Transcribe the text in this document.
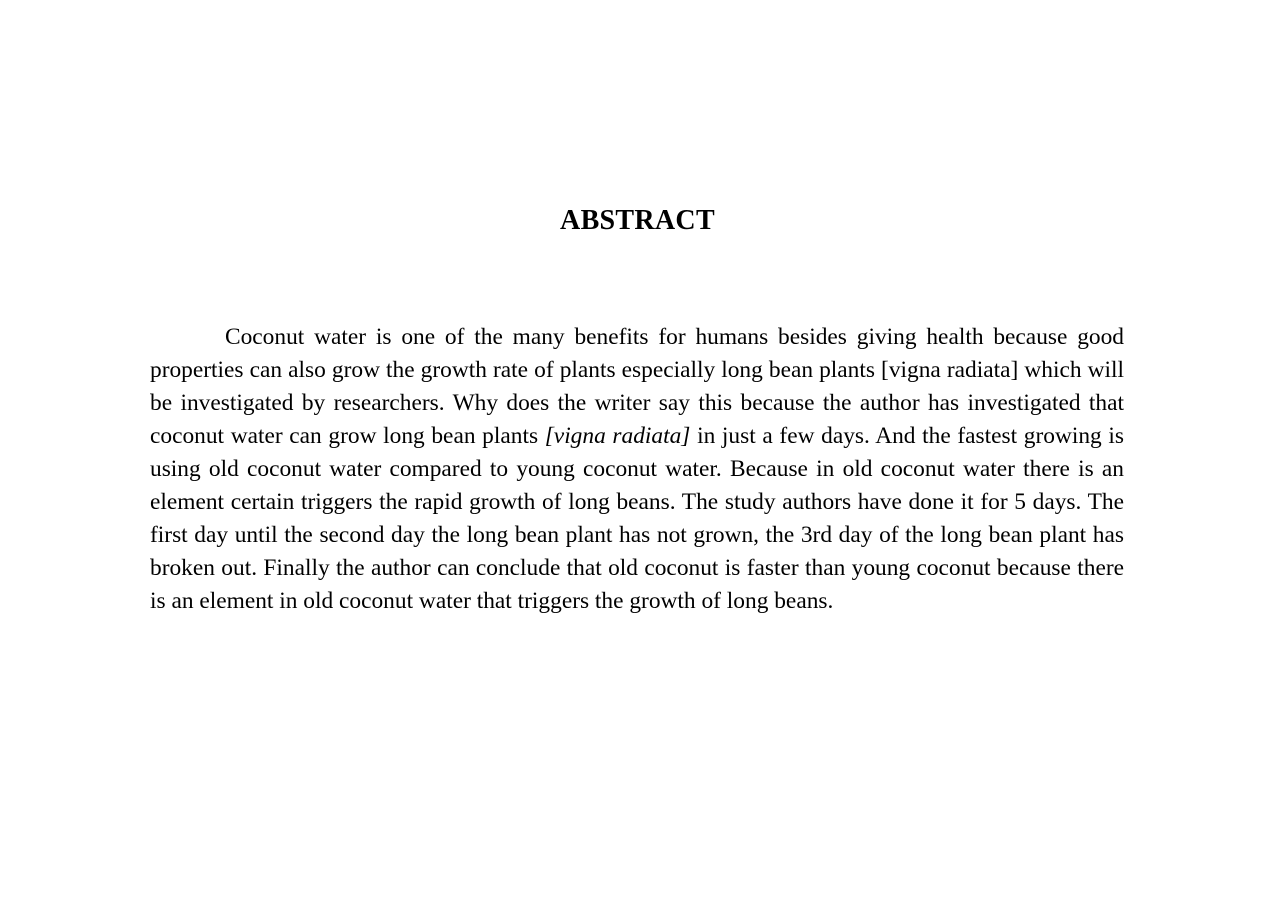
ABSTRACT

Coconut water is one of the many benefits for humans besides giving health because good properties can also grow the growth rate of plants especially long bean plants [vigna radiata] which will be investigated by researchers. Why does the writer say this because the author has investigated that coconut water can grow long bean plants [vigna radiata] in just a few days. And the fastest growing is using old coconut water compared to young coconut water. Because in old coconut water there is an element certain triggers the rapid growth of long beans. The study authors have done it for 5 days. The first day until the second day the long bean plant has not grown, the 3rd day of the long bean plant has broken out. Finally the author can conclude that old coconut is faster than young coconut because there is an element in old coconut water that triggers the growth of long beans.
